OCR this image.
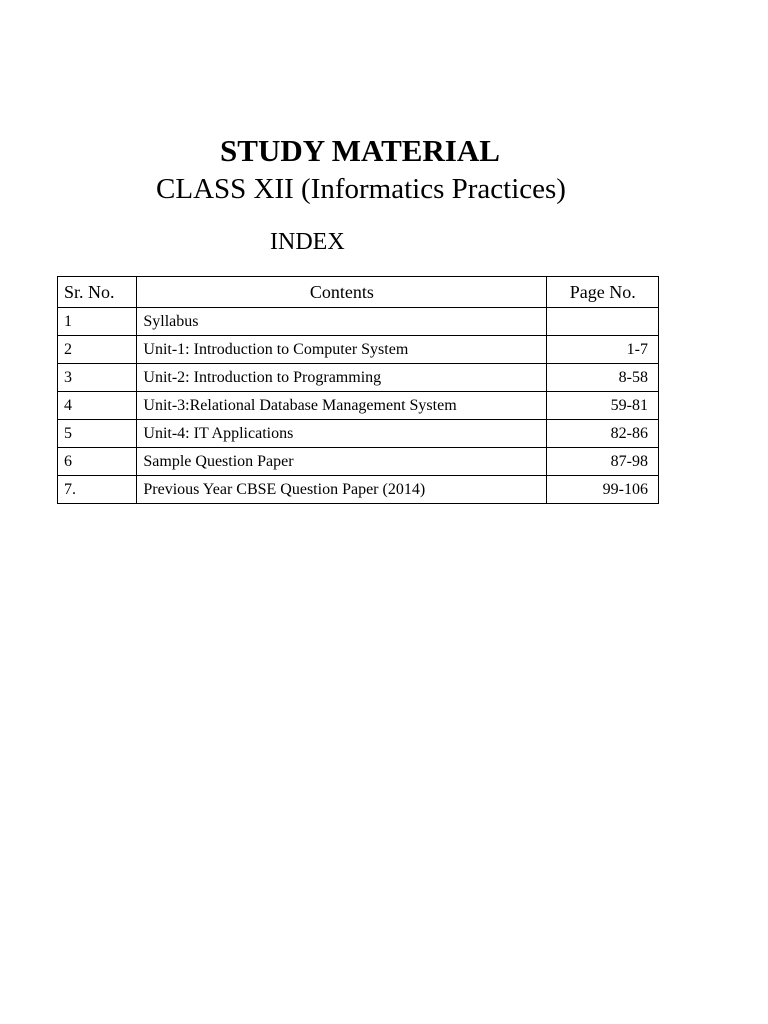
STUDY MATERIAL
CLASS XII (Informatics Practices)
INDEX
Sr. No.	Contents	Page No.
1	Syllabus	
2	Unit-1: Introduction to Computer System	1-7
3	Unit-2: Introduction to Programming	8-58
4	Unit-3:Relational Database Management System	59-81
5	Unit-4: IT Applications	82-86
6	Sample Question Paper	87-98
7.	Previous Year CBSE Question Paper (2014)	99-106
